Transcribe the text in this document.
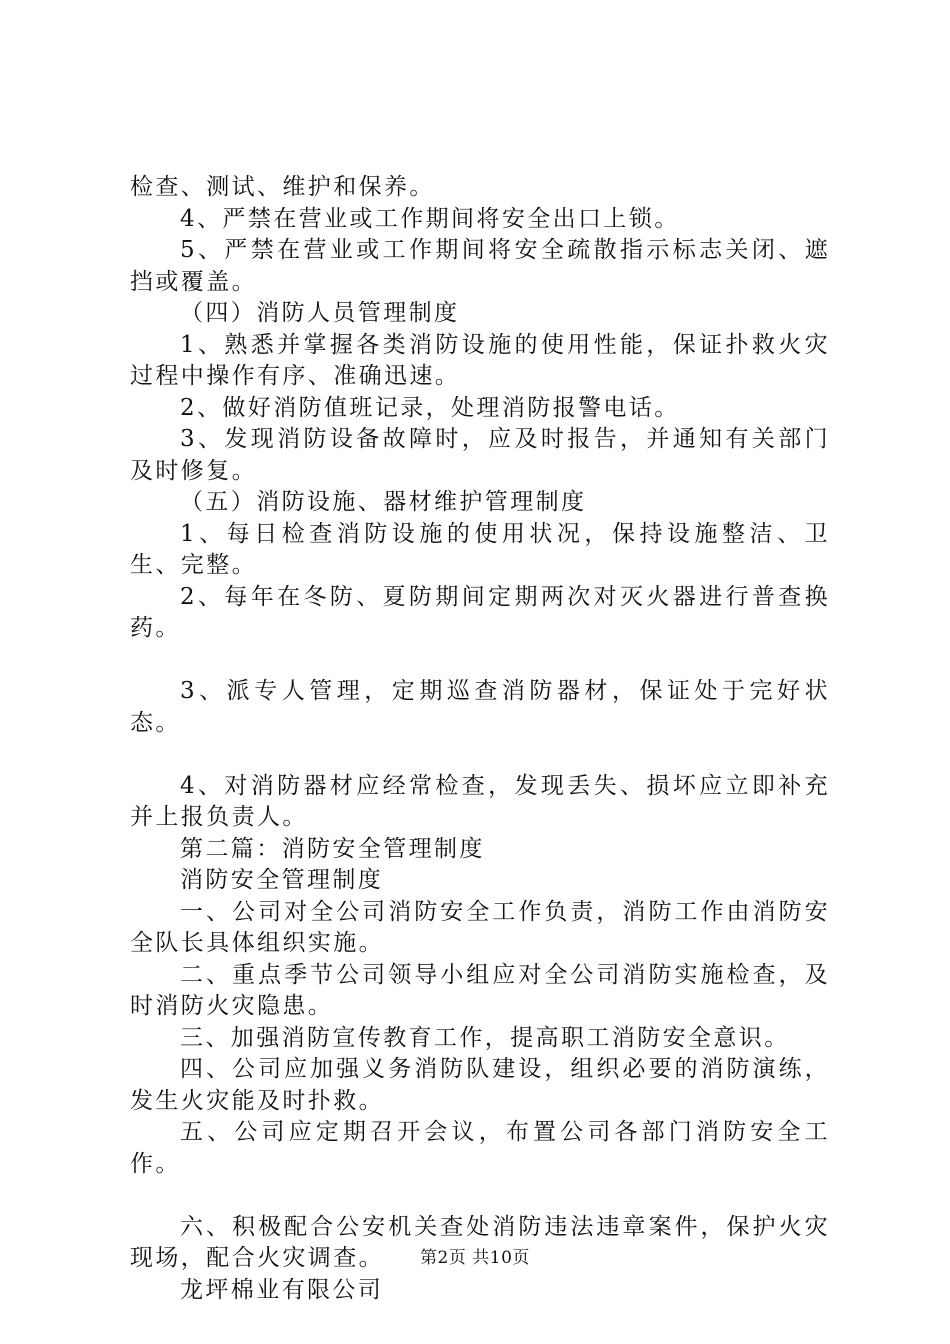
检查、测试、维护和保养。

4、严禁在营业或工作期间将安全出口上锁。

5、严禁在营业或工作期间将安全疏散指示标志关闭、遮挡或覆盖。

（四）消防人员管理制度

1、熟悉并掌握各类消防设施的使用性能，保证扑救火灾过程中操作有序、准确迅速。

2、做好消防值班记录，处理消防报警电话。

3、发现消防设备故障时，应及时报告，并通知有关部门及时修复。

（五）消防设施、器材维护管理制度

1、每日检查消防设施的使用状况，保持设施整洁、卫生、完整。

2、每年在冬防、夏防期间定期两次对灭火器进行普查换药。

3、派专人管理，定期巡查消防器材，保证处于完好状态。

4、对消防器材应经常检查，发现丢失、损坏应立即补充并上报负责人。

第二篇：消防安全管理制度

消防安全管理制度

一、公司对全公司消防安全工作负责，消防工作由消防安全队长具体组织实施。

二、重点季节公司领导小组应对全公司消防实施检查，及时消防火灾隐患。

三、加强消防宣传教育工作，提高职工消防安全意识。

四、公司应加强义务消防队建设，组织必要的消防演练，发生火灾能及时扑救。

五、公司应定期召开会议，布置公司各部门消防安全工作。

六、积极配合公安机关查处消防违法违章案件，保护火灾现场，配合火灾调查。

龙坪棉业有限公司

第2页 共10页
